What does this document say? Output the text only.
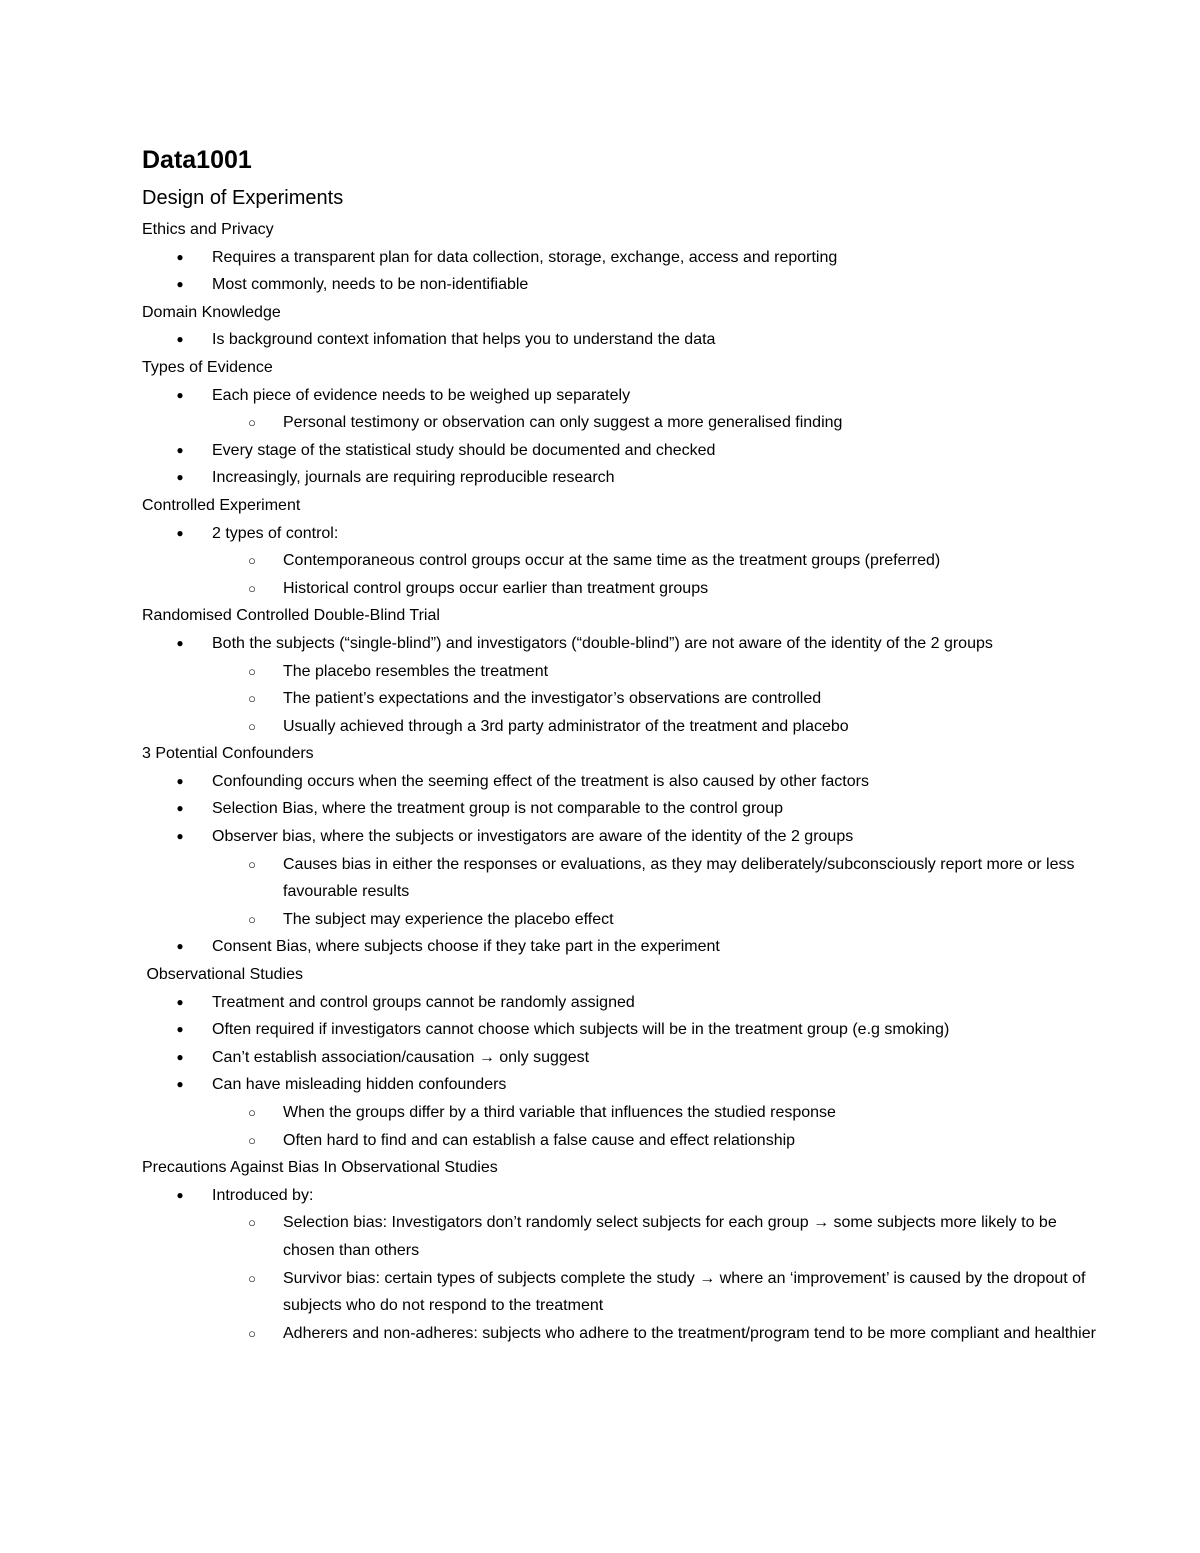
Data1001
Design of Experiments
Ethics and Privacy
●	Requires a transparent plan for data collection, storage, exchange, access and reporting
●	Most commonly, needs to be non-identifiable
Domain Knowledge
●	Is background context infomation that helps you to understand the data
Types of Evidence
●	Each piece of evidence needs to be weighed up separately
○	Personal testimony or observation can only suggest a more generalised finding
●	Every stage of the statistical study should be documented and checked
●	Increasingly, journals are requiring reproducible research
Controlled Experiment
●	2 types of control:
○	Contemporaneous control groups occur at the same time as the treatment groups (preferred)
○	Historical control groups occur earlier than treatment groups
Randomised Controlled Double-Blind Trial
●	Both the subjects (“single-blind”) and investigators (“double-blind”) are not aware of the identity of the 2 groups
○	The placebo resembles the treatment
○	The patient’s expectations and the investigator’s observations are controlled
○	Usually achieved through a 3rd party administrator of the treatment and placebo
3 Potential Confounders
●	Confounding occurs when the seeming effect of the treatment is also caused by other factors
●	Selection Bias, where the treatment group is not comparable to the control group
●	Observer bias, where the subjects or investigators are aware of the identity of the 2 groups
○	Causes bias in either the responses or evaluations, as they may deliberately/subconsciously report more or less favourable results
○	The subject may experience the placebo effect
●	Consent Bias, where subjects choose if they take part in the experiment
Observational Studies
●	Treatment and control groups cannot be randomly assigned
●	Often required if investigators cannot choose which subjects will be in the treatment group (e.g smoking)
●	Can’t establish association/causation → only suggest
●	Can have misleading hidden confounders
○	When the groups differ by a third variable that influences the studied response
○	Often hard to find and can establish a false cause and effect relationship
Precautions Against Bias In Observational Studies
●	Introduced by:
○	Selection bias: Investigators don’t randomly select subjects for each group → some subjects more likely to be chosen than others
○	Survivor bias: certain types of subjects complete the study → where an ‘improvement’ is caused by the dropout of subjects who do not respond to the treatment
○	Adherers and non-adheres: subjects who adhere to the treatment/program tend to be more compliant and healthier
